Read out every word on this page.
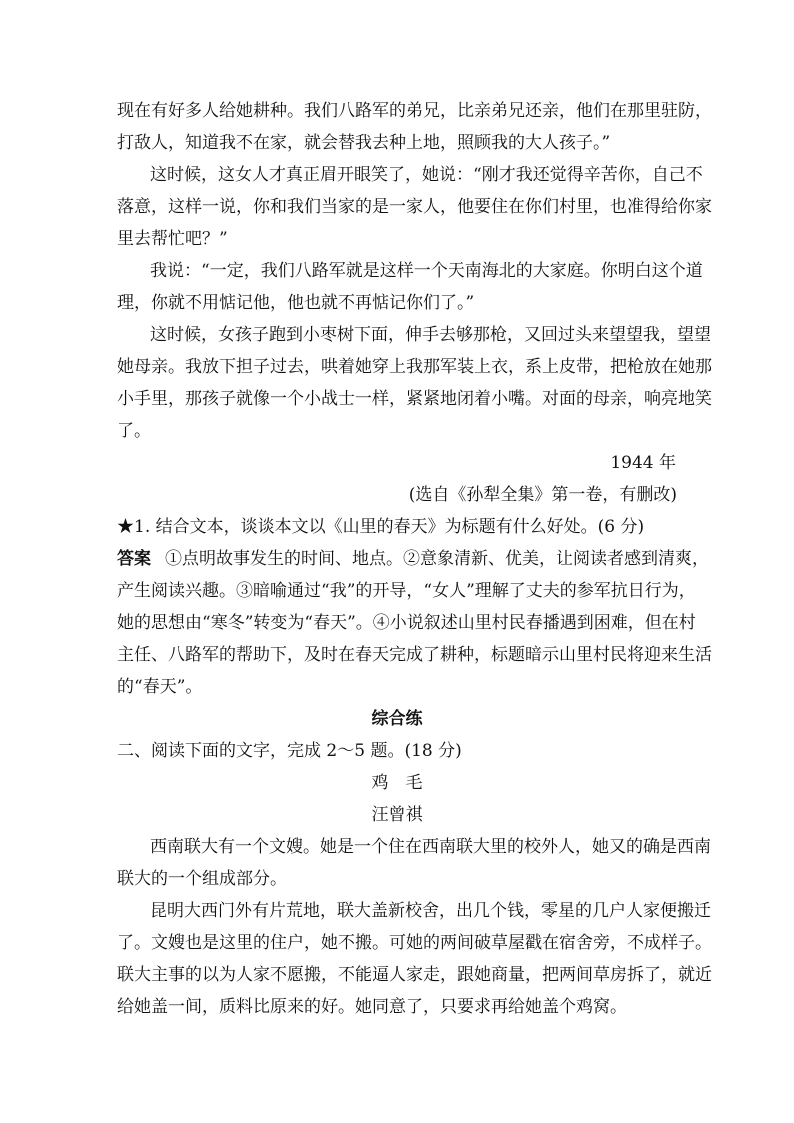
现在有好多人给她耕种。我们八路军的弟兄，比亲弟兄还亲，他们在那里驻防，
打敌人，知道我不在家，就会替我去种上地，照顾我的大人孩子。”
这时候，这女人才真正眉开眼笑了，她说：“刚才我还觉得辛苦你，自己不
落意，这样一说，你和我们当家的是一家人，他要住在你们村里，也准得给你家
里去帮忙吧？”
我说：“一定，我们八路军就是这样一个天南海北的大家庭。你明白这个道
理，你就不用惦记他，他也就不再惦记你们了。”
这时候，女孩子跑到小枣树下面，伸手去够那枪，又回过头来望望我，望望
她母亲。我放下担子过去，哄着她穿上我那军装上衣，系上皮带，把枪放在她那
小手里，那孩子就像一个小战士一样，紧紧地闭着小嘴。对面的母亲，响亮地笑
了。
1944 年
(选自《孙犁全集》第一卷，有删改)
★1. 结合文本，谈谈本文以《山里的春天》为标题有什么好处。(6 分)
答案 ①点明故事发生的时间、地点。②意象清新、优美，让阅读者感到清爽，
产生阅读兴趣。③暗喻通过“我”的开导，“女人”理解了丈夫的参军抗日行为，
她的思想由“寒冬”转变为“春天”。④小说叙述山里村民春播遇到困难，但在村
主任、八路军的帮助下，及时在春天完成了耕种，标题暗示山里村民将迎来生活
的“春天”。
综合练
二、阅读下面的文字，完成 2～5 题。(18 分)
鸡　毛
汪曾祺
西南联大有一个文嫂。她是一个住在西南联大里的校外人，她又的确是西南
联大的一个组成部分。
昆明大西门外有片荒地，联大盖新校舍，出几个钱，零星的几户人家便搬迁
了。文嫂也是这里的住户，她不搬。可她的两间破草屋戳在宿舍旁，不成样子。
联大主事的以为人家不愿搬，不能逼人家走，跟她商量，把两间草房拆了，就近
给她盖一间，质料比原来的好。她同意了，只要求再给她盖个鸡窝。
